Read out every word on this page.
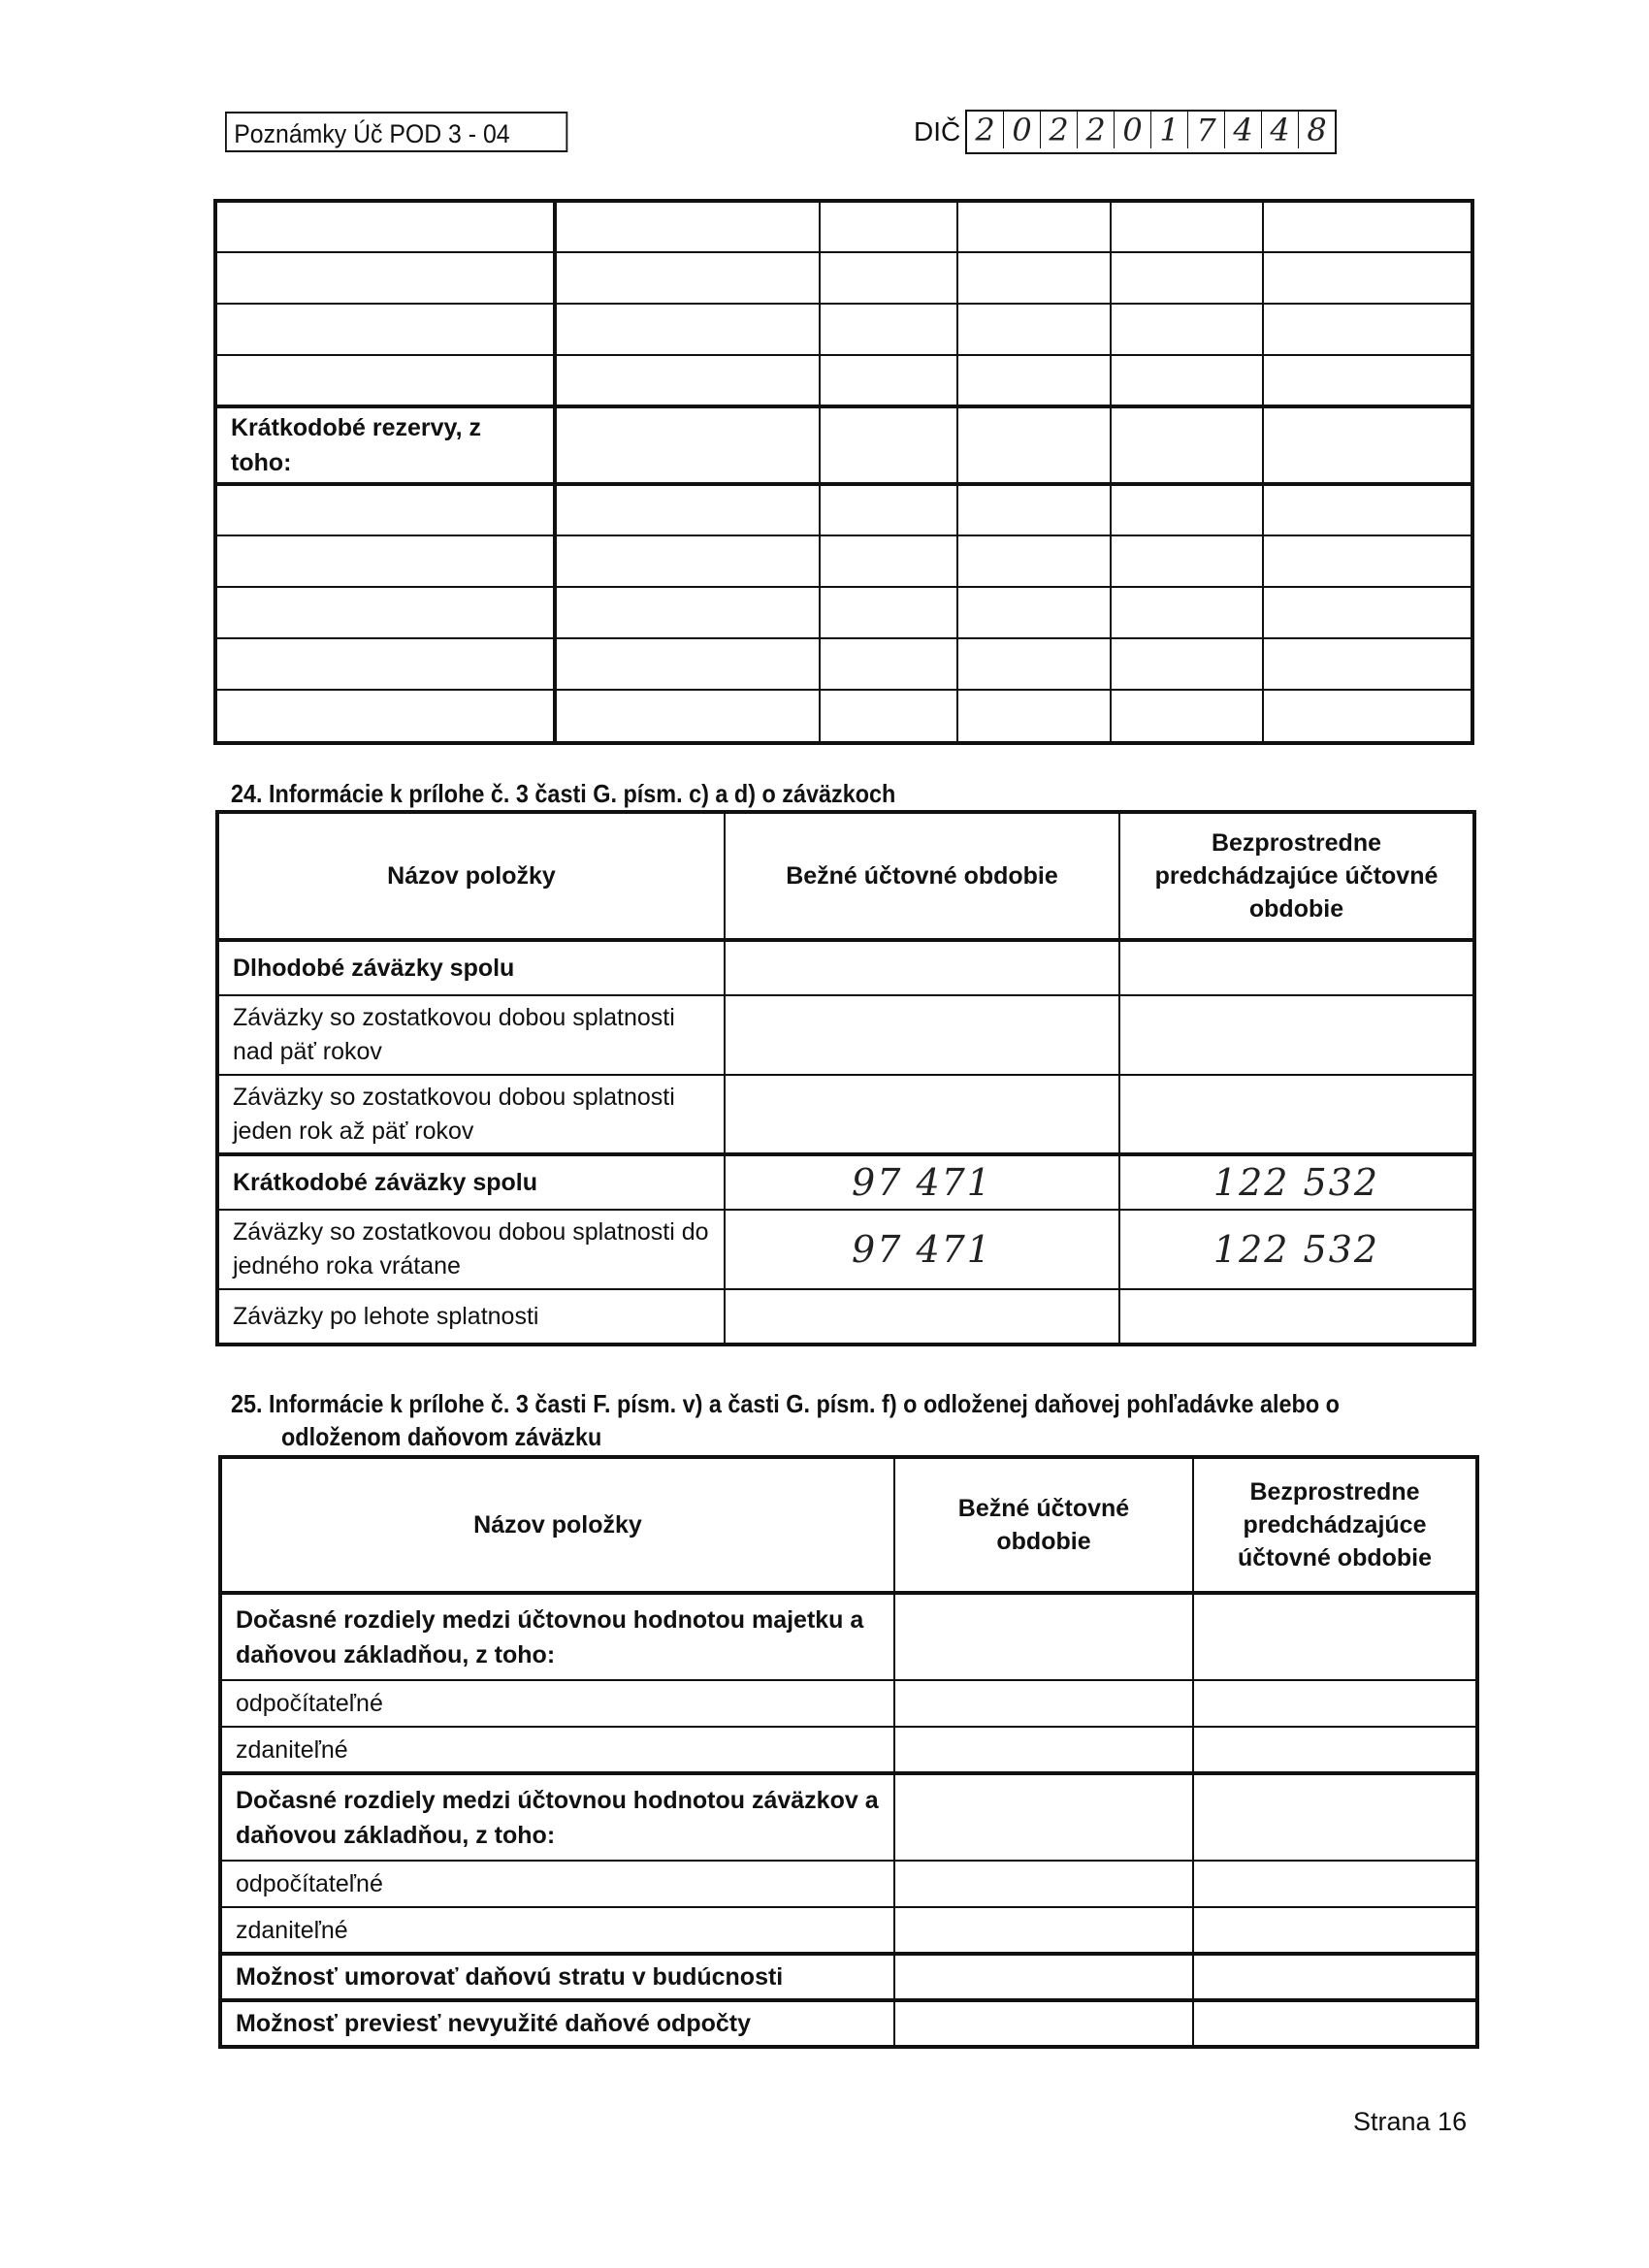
Poznámky Úč POD 3 - 04	DIČ 2 0 2 2 0 1 7 4 4 8

Krátkodobé rezervy, z toho:					

24. Informácie k prílohe č. 3 časti G. písm. c) a d) o záväzkoch
Názov položky	Bežné účtovné obdobie	Bezprostredne predchádzajúce účtovné obdobie
Dlhodobé záväzky spolu		
Záväzky so zostatkovou dobou splatnosti nad päť rokov		
Záväzky so zostatkovou dobou splatnosti jeden rok až päť rokov		
Krátkodobé záväzky spolu	97 471	122 532
Záväzky so zostatkovou dobou splatnosti do jedného roka vrátane	97 471	122 532
Záväzky po lehote splatnosti		
25. Informácie k prílohe č. 3 časti F. písm. v) a časti G. písm. f) o odloženej daňovej pohľadávke alebo o
odloženom daňovom záväzku
Názov položky	Bežné účtovné obdobie	Bezprostredne predchádzajúce účtovné obdobie
Dočasné rozdiely medzi účtovnou hodnotou majetku a daňovou základňou, z toho:		
odpočítateľné		
zdaniteľné		
Dočasné rozdiely medzi účtovnou hodnotou záväzkov a daňovou základňou, z toho:		
odpočítateľné		
zdaniteľné		
Možnosť umorovať daňovú stratu v budúcnosti		
Možnosť previesť nevyužité daňové odpočty		
Strana 16
